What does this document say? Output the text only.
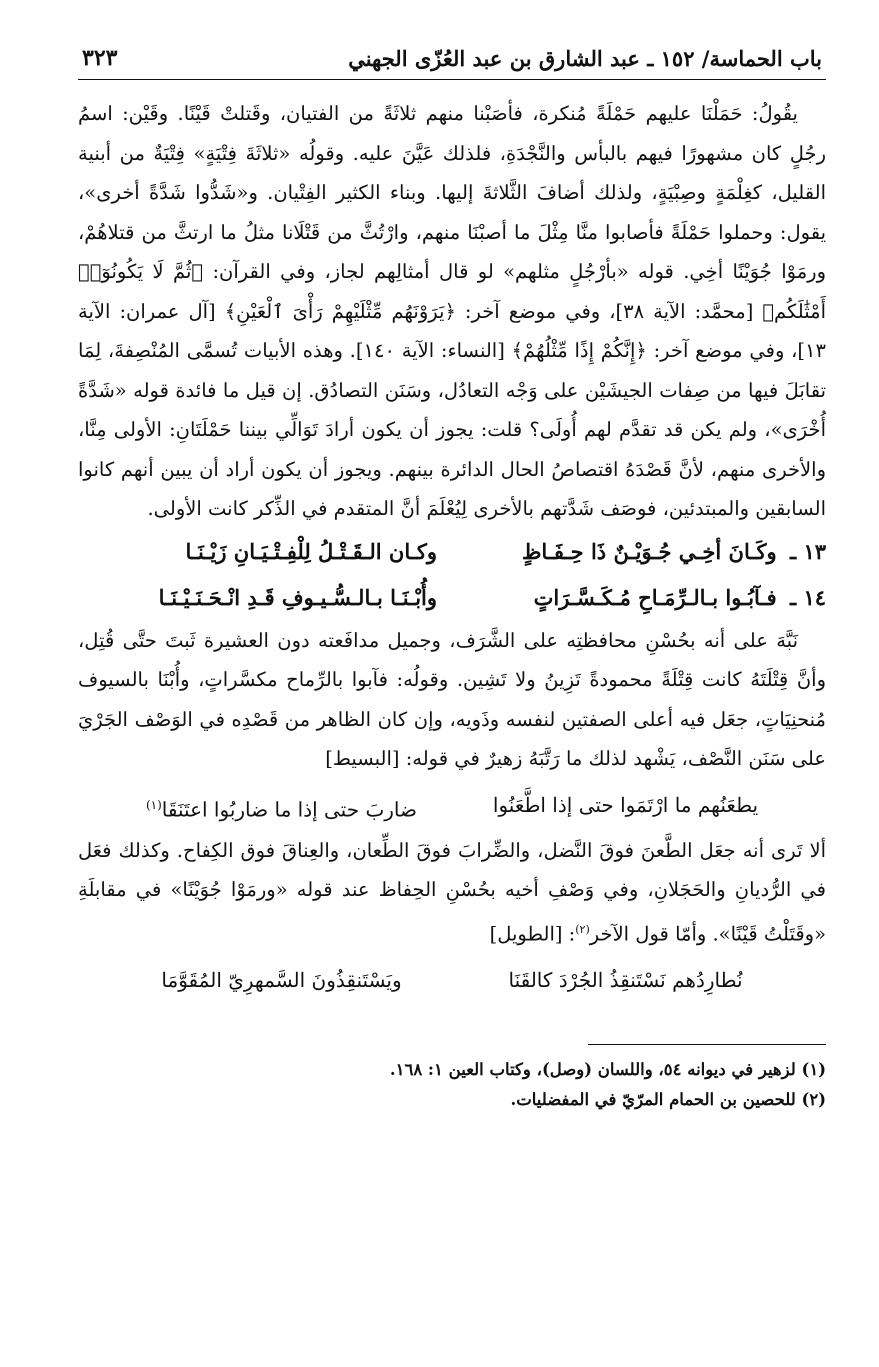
باب الحماسة/ ١٥٢ ـ عبد الشارق بن عبد العُزّى الجهني
٣٢٣

يقُولُ: حَمَلْنَا عليهم حَمْلَةً مُنكرة، فأصَبْنا منهم ثلاثَةً من الفتيان، وقَتلتْ قَيْنًا. وقَيْن: اسمُ رجُلٍ كان مشهورًا فيهم بالبأس والنَّجْدَةِ، فلذلك عَيَّنَ عليه. وقولُه «ثلاثَةَ فِتْيَةٍ» فِتْيَةٌ من أبنية القليل، كغِلْمَةٍ وصِبْيَةٍ، ولذلك أضافَ الثَّلاثةَ إليها. وبناء الكثير الفِتْيان. و«شَدُّوا شَدَّةً أخرى»، يقول: وحملوا حَمْلَةً فأصابوا منَّا مِثْلَ ما أصبْنَا منهم، وارْتُثَّ من قَتْلَانا مثلُ ما ارتثَّ من قتلاهُمْ، ورمَوْا جُوَيْنًا أخِي. قوله «بأرْجُلٍ مثلهم» لو قال أمثالِهم لجاز، وفي القرآن: ﴿ثُمَّ لَا يَكُونُوٓا۟ أَمْثَٰلَكُم﴾ [محمَّد: الآية ٣٨]، وفي موضع آخر: ﴿يَرَوْنَهُم مِّثْلَيْهِمْ رَأْىَ ٱلْعَيْنِ﴾ [آل عمران: الآية ١٣]، وفي موضع آخر: ﴿إِنَّكُمْ إِذًا مِّثْلُهُمْ﴾ [النساء: الآية ١٤٠]. وهذه الأبيات تُسمَّى المُنْصِفةَ، لِمَا تقابَلَ فيها من صِفات الجيشَيْن على وَجْه التعادُل، وسَنَن التصادُق. إن قيل ما فائدة قوله «شَدَّةً أُخْرَى»، ولم يكن قد تقدَّم لهم أُولَى؟ قلت: يجوز أن يكون أرادَ تَوَالِّي بيننا حَمْلَتَانِ: الأولى مِنَّا، والأخرى منهم، لأنَّ قَصْدَهُ اقتصاصُ الحال الدائرة بينهم. ويجوز أن يكون أراد أن يبين أنهم كانوا السابقين والمبتدئين، فوصَف شَدَّتهم بالأخرى لِيُعْلَمَ أنَّ المتقدم في الذِّكر كانت الأولى.

١٣ ـ وكَـانَ أخِـي جُـوَيْـنٌ ذَا حِـفَـاظٍ
وكـان الـقَـتْـلُ لِلْفِـتْـيَـانِ زَيْـنَـا
١٤ ـ فـآبُـوا بـالـرِّمَـاحِ مُـكَـسَّـرَاتٍ
وأُبْـنَـا بـالـسُّـيـوفِ قَـدِ انْـحَـنَـيْـنَـا

نَبَّهَ على أنه بحُسْنِ محافظتِه على الشَّرَف، وجميل مدافَعته دون العشيرة ثَبتَ حتَّى قُتِل، وأنَّ قِتْلَتَهُ كانت قِتْلَةً محمودةً تَزِينُ ولا تَشِين. وقولُه: فآبوا بالرِّماح مكسَّراتٍ، وأُبْنَا بالسيوف مُنحنِيَاتٍ، جعَل فيه أعلى الصفتين لنفسه وذَويه، وإن كان الظاهر من قَصْدِه في الوَصْف الجَرْيَ على سَنَن النَّصْف، يَشْهد لذلك ما رَتَّبَهُ زهيرٌ في قوله: [البسيط]

يطعَنُهم ما ارْتَمَوا حتى إذا اطَّعَنُوا
ضاربَ حتى إذا ما ضاربُوا اعتَنَقَا$^{(١)}$

ألا تَرى أنه جعَل الطَّعنَ فوقَ النَّضل، والضِّرابَ فوقَ الطِّعان، والعِناقَ فوق الكِفاح. وكذلك فعَل في الرُّديانِ والحَجَلانِ، وفي وَصْفِ أخيه بحُسْنِ الحِفاظ عند قوله «ورمَوْا جُوَيْنًا» في مقابلَةِ «وقَتَلْتُ قَيْنًا». وأمّا قول الآخر$^{(٢)}$: [الطويل]

نُطارِدُهم نَسْتَنقِذُ الجُرْدَ كالقَنَا
ويَسْتَنقِذُونَ السَّمهرِيّ المُقَوَّمَا
(١) لزهير في ديوانه ٥٤، واللسان (وصل)، وكتاب العين ١: ١٦٨.
(٢) للحصين بن الحمام المرّيّ في المفضليات.
